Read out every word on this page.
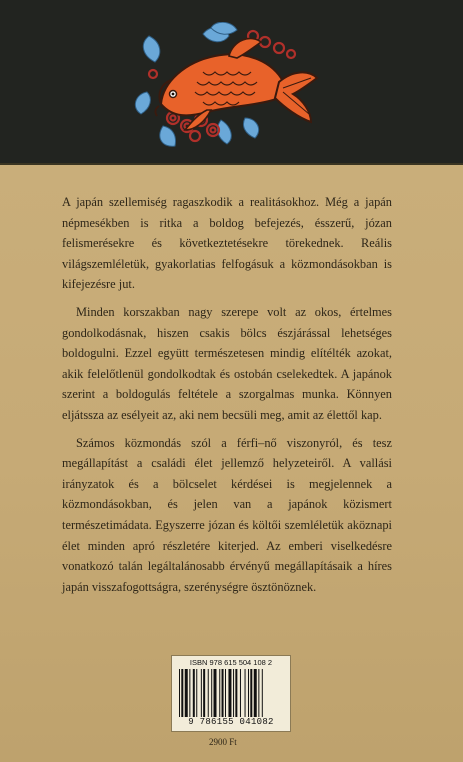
A japán szellemiség ragaszkodik a realitásokhoz. Még a japán népmesékben is ritka a boldog befejezés, ésszerű, józan felismerésekre és következtetésekre törekednek. Reális világszemléletük, gyakorlatias felfogásuk a közmondásokban is kifejezésre jut.

Minden korszakban nagy szerepe volt az okos, értelmes gondolkodásnak, hiszen csakis bölcs észjárással lehetséges boldogulni. Ezzel együtt természetesen mindig elítélték azokat, akik felelőtlenül gondolkodtak és ostobán cselekedtek. A japánok szerint a boldogulás feltétele a szorgalmas munka. Könnyen eljátssza az esélyeit az, aki nem becsüli meg, amit az élettől kap.

Számos közmondás szól a férfi–nő viszonyról, és tesz megállapítást a családi élet jellemző helyzeteiről. A vallási irányzatok és a bölcselet kérdései is megjelennek a közmondásokban, és jelen van a japánok közismert természetimádata. Egyszerre józan és költői szemléletük aköznapi élet minden apró részletére kiterjed. Az emberi viselkedésre vonatkozó talán legáltalánosabb érvényű megállapításaik a híres japán visszafogottságra, szerénységre ösztönöznek.

ISBN 978 615 504 108 2
9 786155 041082
2900 Ft
